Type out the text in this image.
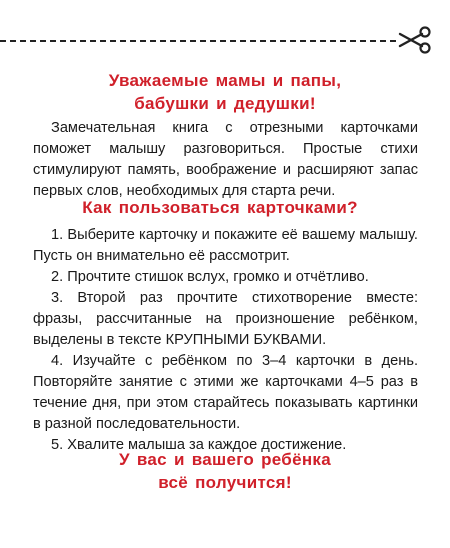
Уважаемые мамы и папы,
бабушки и дедушки!
Замечательная книга с отрезными карточками поможет малышу разговориться. Простые стихи стимулируют память, воображение и расширяют запас первых слов, необходимых для старта речи.
Как пользоваться карточками?

1. Выберите карточку и покажите её вашему малышу. Пусть он внимательно её рассмотрит.

2. Прочтите стишок вслух, громко и отчётливо.

3. Второй раз прочтите стихотворение вместе: фразы, рассчитанные на произношение ребёнком, выделены в тексте КРУПНЫМИ БУКВАМИ.

4. Изучайте с ребёнком по 3–4 карточки в день. Повторяйте занятие с этими же карточками 4–5 раз в течение дня, при этом старайтесь показывать картинки в разной последовательности.

5. Хвалите малыша за каждое достижение.

У вас и вашего ребёнка
всё получится!
